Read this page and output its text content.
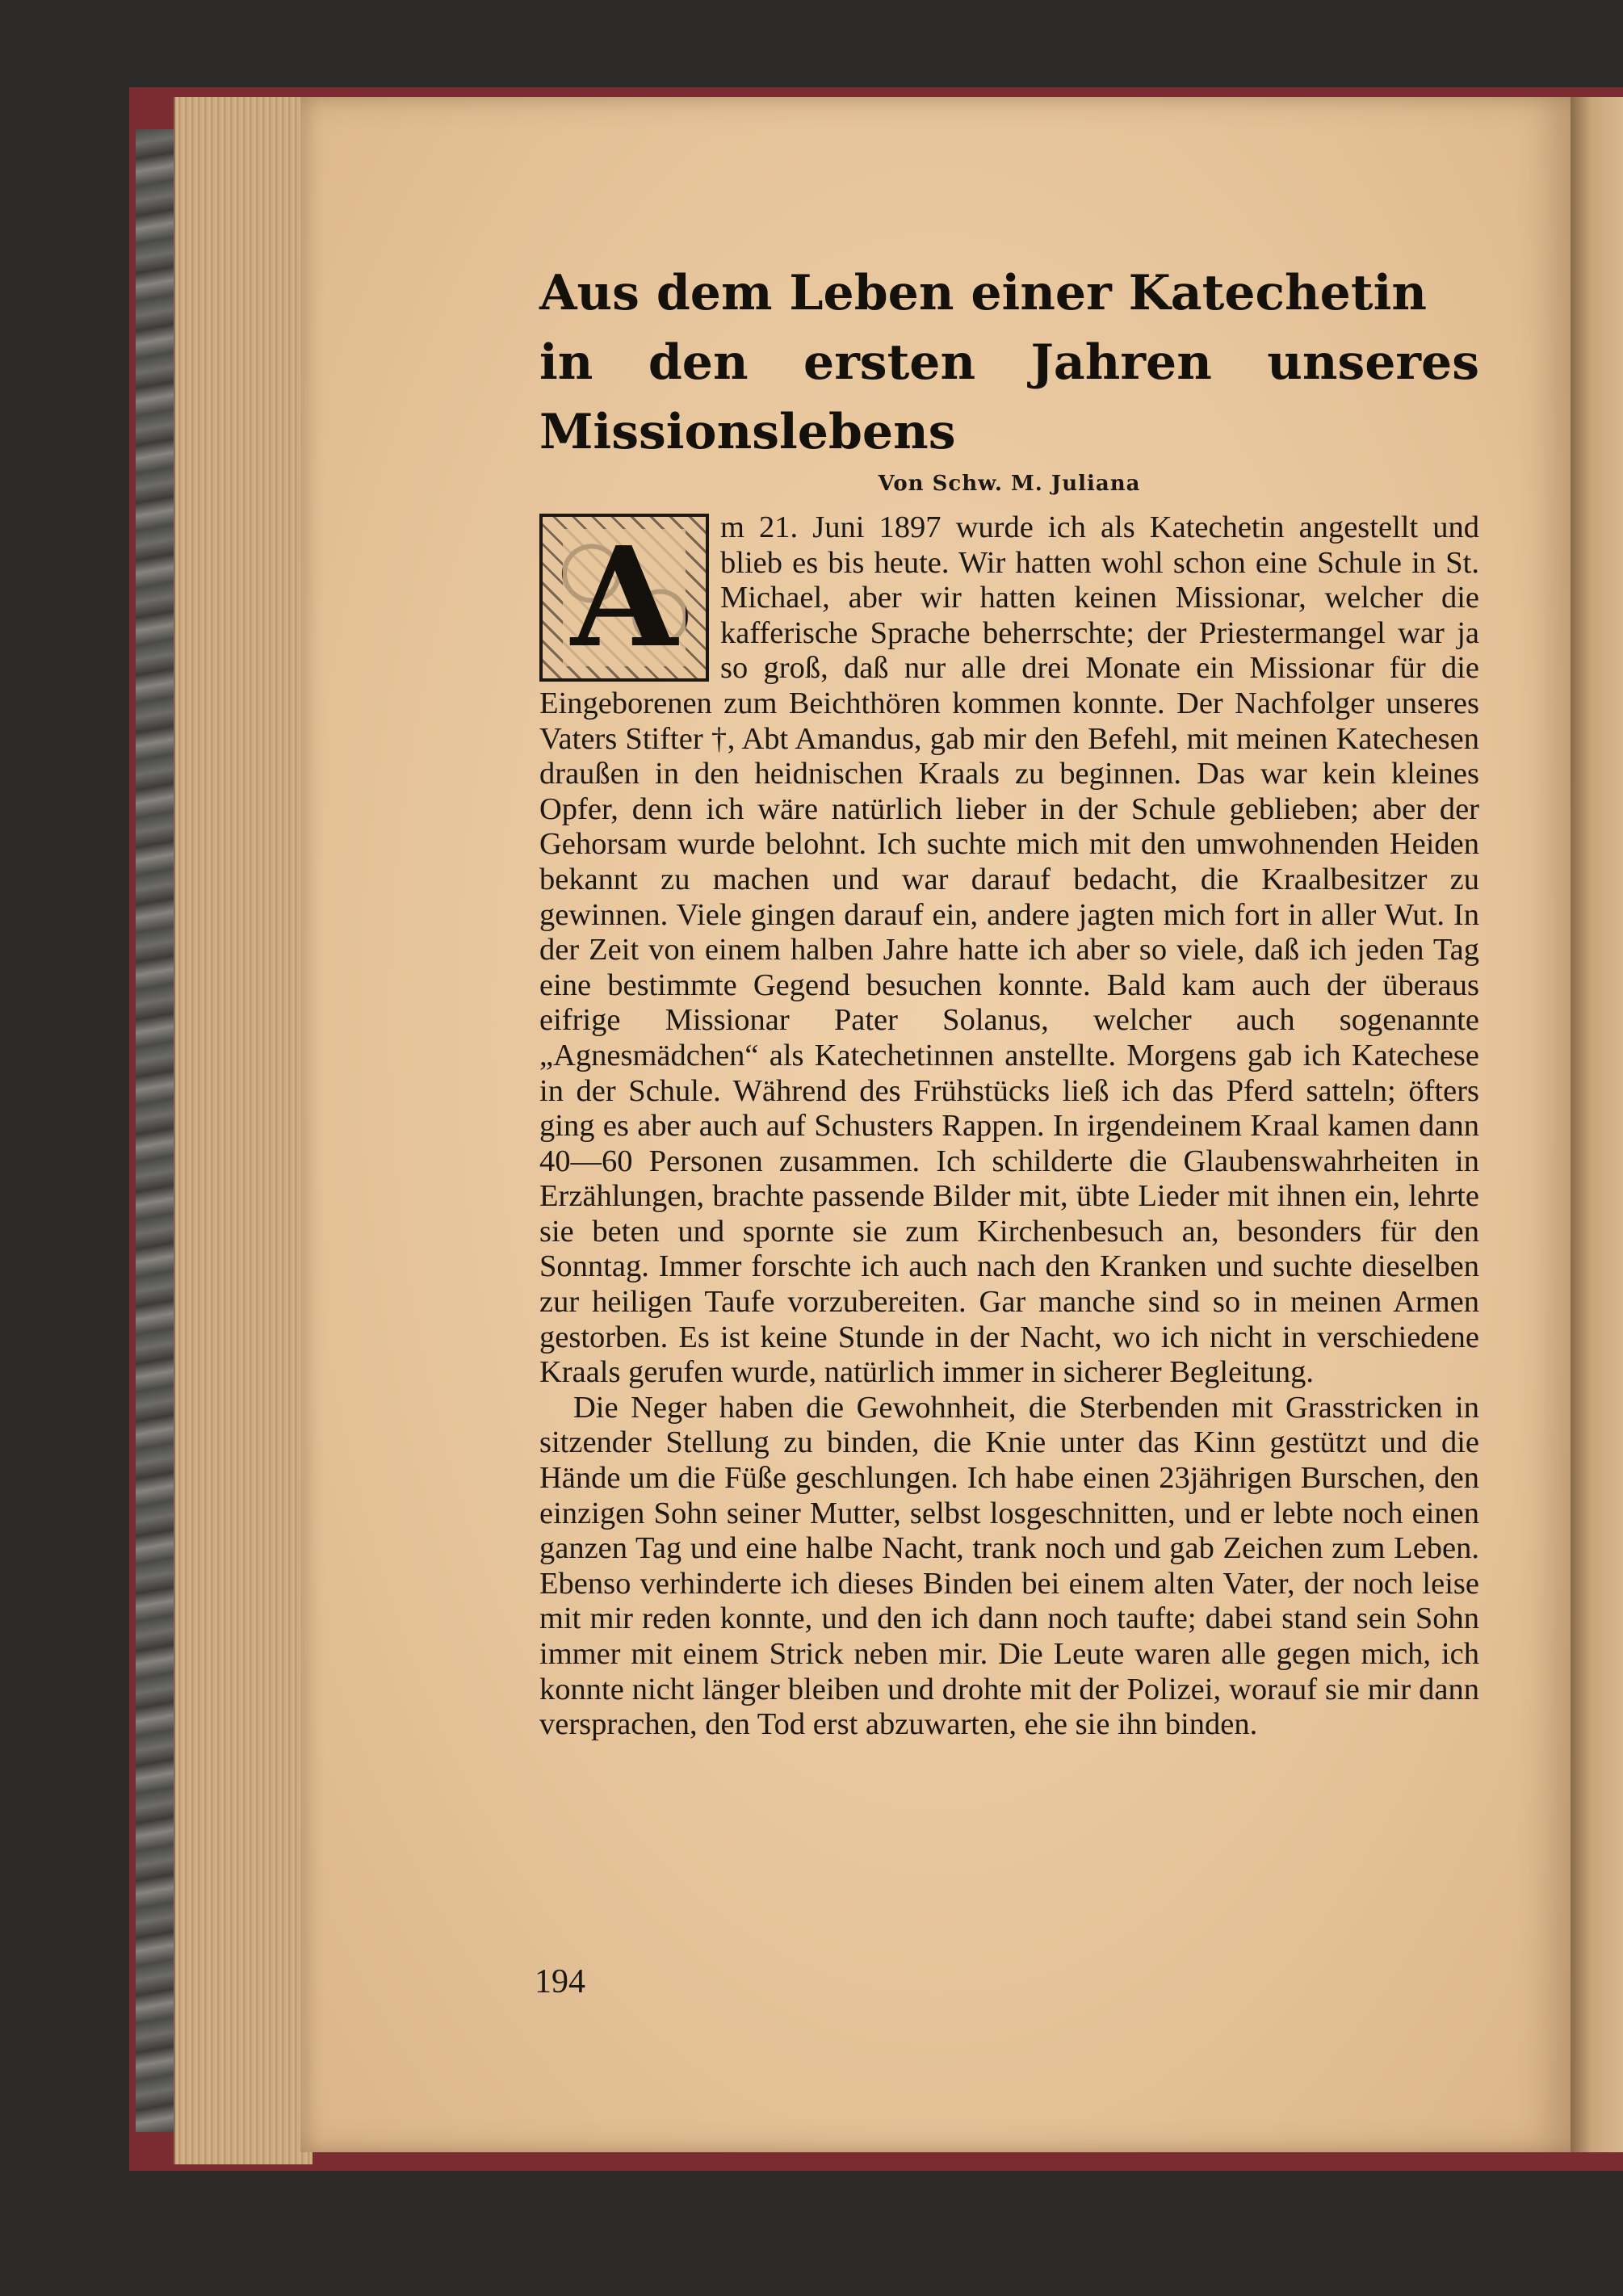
Aus dem Leben einer Katechetin
in den ersten Jahren unseres Missionslebens
Von Schw. M. Juliana
A	m 21. Juni 1897 wurde ich als Katechetin angestellt und blieb es bis heute. Wir hatten wohl schon eine Schule in St. Michael, aber wir hatten keinen Missionar, welcher die kafferische Sprache beherrschte; der Priestermangel war ja so groß, daß nur alle drei Monate ein Missionar für die Eingeborenen zum Beichthören kommen konnte. Der Nachfolger unseres Vaters Stifter †, Abt Amandus, gab mir den Befehl, mit meinen Katechesen draußen in den heidnischen Kraals zu beginnen. Das war kein kleines Opfer, denn ich wäre natürlich lieber in der Schule geblieben; aber der Gehorsam wurde belohnt. Ich suchte mich mit den umwohnenden Heiden bekannt zu machen und war darauf bedacht, die Kraalbesitzer zu gewinnen. Viele gingen darauf ein, andere jagten mich fort in aller Wut. In der Zeit von einem halben Jahre hatte ich aber so viele, daß ich jeden Tag eine bestimmte Gegend besuchen konnte. Bald kam auch der überaus eifrige Missionar Pater Solanus, welcher auch sogenannte „Agnesmädchen“ als Katechetinnen anstellte. Morgens gab ich Katechese in der Schule. Während des Frühstücks ließ ich das Pferd satteln; öfters ging es aber auch auf Schusters Rappen. In irgendeinem Kraal kamen dann 40—60 Personen zusammen. Ich schilderte die Glaubenswahrheiten in Erzählungen, brachte passende Bilder mit, übte Lieder mit ihnen ein, lehrte sie beten und spornte sie zum Kirchenbesuch an, besonders für den Sonntag. Immer forschte ich auch nach den Kranken und suchte dieselben zur heiligen Taufe vorzubereiten. Gar manche sind so in meinen Armen gestorben. Es ist keine Stunde in der Nacht, wo ich nicht in verschiedene Kraals gerufen wurde, natürlich immer in sicherer Begleitung.

Die Neger haben die Gewohnheit, die Sterbenden mit Grasstricken in sitzender Stellung zu binden, die Knie unter das Kinn gestützt und die Hände um die Füße geschlungen. Ich habe einen 23jährigen Burschen, den einzigen Sohn seiner Mutter, selbst losgeschnitten, und er lebte noch einen ganzen Tag und eine halbe Nacht, trank noch und gab Zeichen zum Leben. Ebenso verhinderte ich dieses Binden bei einem alten Vater, der noch leise mit mir reden konnte, und den ich dann noch taufte; dabei stand sein Sohn immer mit einem Strick neben mir. Die Leute waren alle gegen mich, ich konnte nicht länger bleiben und drohte mit der Polizei, worauf sie mir dann versprachen, den Tod erst abzuwarten, ehe sie ihn binden.

194
